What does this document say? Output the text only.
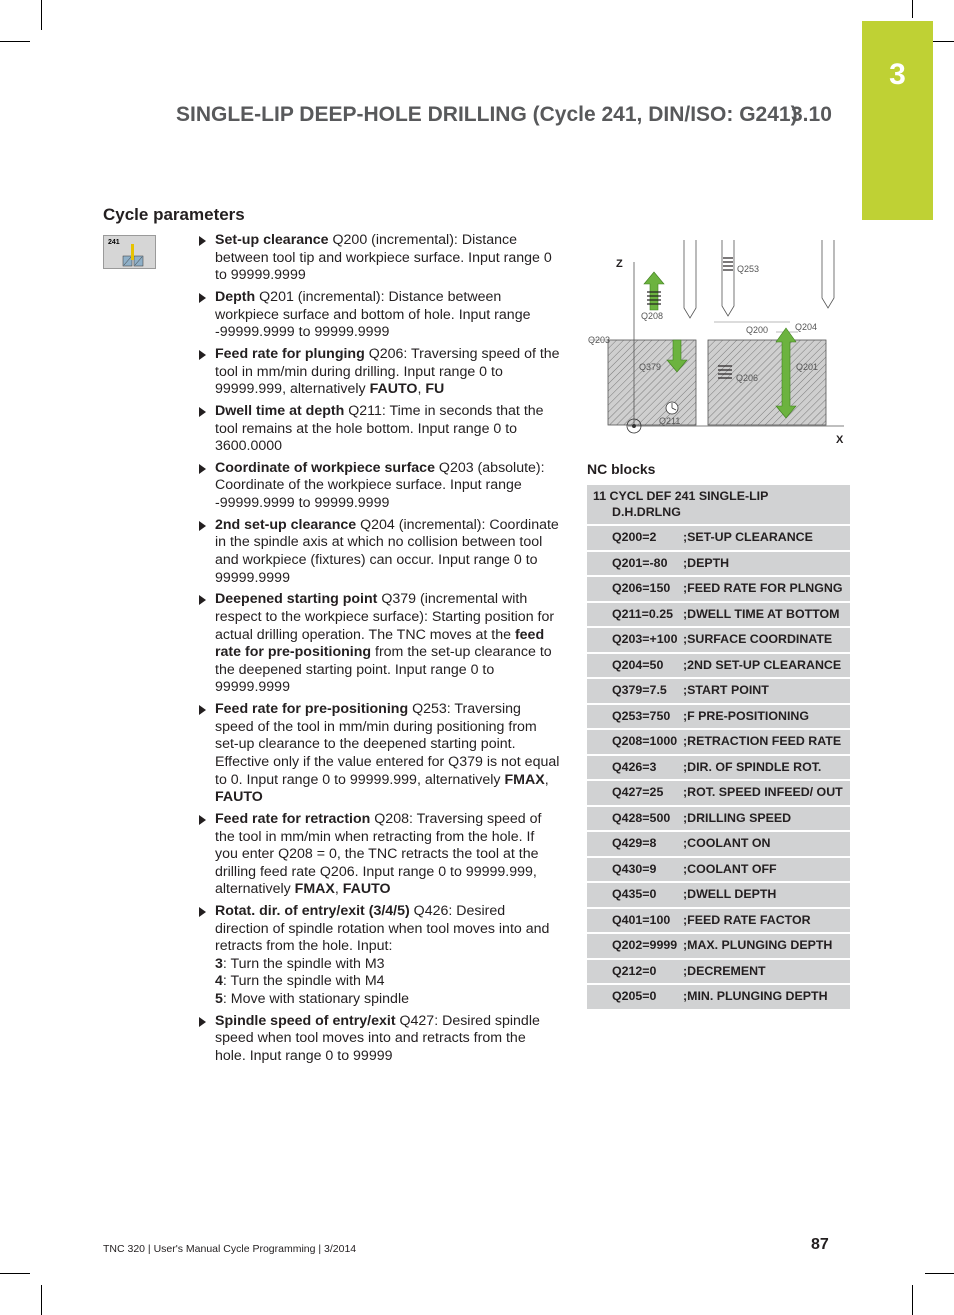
3
SINGLE-LIP DEEP-HOLE DRILLING (Cycle 241, DIN/ISO: G241)
3.10
Cycle parameters
241	Set-up clearance Q200 (incremental): Distance between tool tip and workpiece surface. Input range 0 to 99999.9999
Depth Q201 (incremental): Distance between workpiece surface and bottom of hole. Input range -99999.9999 to 99999.9999
Feed rate for plunging Q206: Traversing speed of the tool in mm/min during drilling. Input range 0 to 99999.999, alternatively FAUTO, FU
Dwell time at depth Q211: Time in seconds that the tool remains at the hole bottom. Input range 0 to 3600.0000
Coordinate of workpiece surface Q203 (absolute): Coordinate of the workpiece surface. Input range -99999.9999 to 99999.9999
2nd set-up clearance Q204 (incremental): Coordinate in the spindle axis at which no collision between tool and workpiece (fixtures) can occur. Input range 0 to 99999.9999
Deepened starting point Q379 (incremental with respect to the workpiece surface): Starting position for actual drilling operation. The TNC moves at the feed rate for pre-positioning from the set-up clearance to the deepened starting point. Input range 0 to 99999.9999
Feed rate for pre-positioning Q253: Traversing speed of the tool in mm/min during positioning from set-up clearance to the deepened starting point. Effective only if the value entered for Q379 is not equal to 0. Input range 0 to 99999.999, alternatively FMAX, FAUTO
Feed rate for retraction Q208: Traversing speed of the tool in mm/min when retracting from the hole. If you enter Q208 = 0, the TNC retracts the tool at the drilling feed rate Q206. Input range 0 to 99999.999, alternatively FMAX, FAUTO
Rotat. dir. of entry/exit (3/4/5) Q426: Desired direction of spindle rotation when tool moves into and retracts from the hole. Input:
3: Turn the spindle with M3
4: Turn the spindle with M4
5: Move with stationary spindle
Spindle speed of entry/exit Q427: Desired spindle speed when tool moves into and retracts from the hole. Input range 0 to 99999
Z
X
Q253
Q208
Q200	Q204
Q203
Q379
Q206
Q201
Q211
NC blocks
11 CYCL DEF 241 SINGLE-LIP
D.H.DRLNG	

Q200=2	;SET-UP CLEARANCE
Q201=-80	;DEPTH
Q206=150	;FEED RATE FOR PLNGNG
Q211=0.25	;DWELL TIME AT BOTTOM
Q203=+100	;SURFACE COORDINATE
Q204=50	;2ND SET-UP CLEARANCE
Q379=7.5	;START POINT
Q253=750	;F PRE-POSITIONING
Q208=1000	;RETRACTION FEED RATE
Q426=3	;DIR. OF SPINDLE ROT.
Q427=25	;ROT. SPEED INFEED/ OUT
Q428=500	;DRILLING SPEED
Q429=8	;COOLANT ON
Q430=9	;COOLANT OFF
Q435=0	;DWELL DEPTH
Q401=100	;FEED RATE FACTOR
Q202=9999	;MAX. PLUNGING DEPTH
Q212=0	;DECREMENT
Q205=0	;MIN. PLUNGING DEPTH
TNC 320 | User's Manual Cycle Programming | 3/2014	87
